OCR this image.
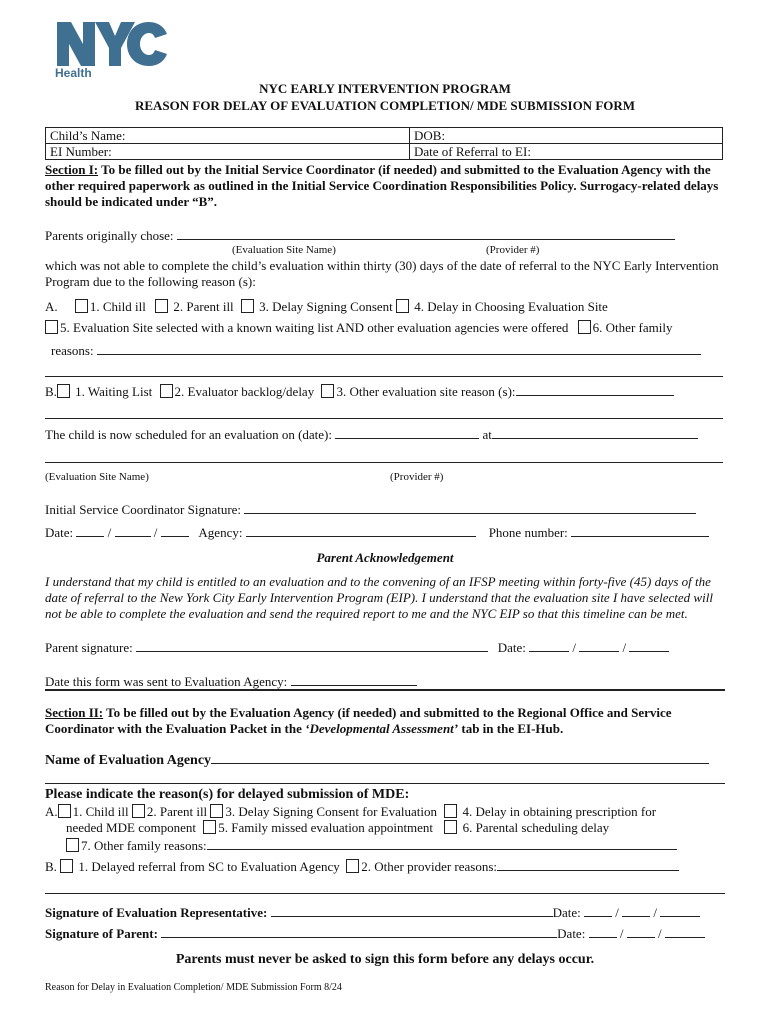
Health
NYC EARLY INTERVENTION PROGRAM
REASON FOR DELAY OF EVALUATION COMPLETION/ MDE SUBMISSION FORM
Child’s Name:	DOB:
EI Number:	Date of Referral to EI:
Section I: To be filled out by the Initial Service Coordinator (if needed) and submitted to the Evaluation Agency with the other required paperwork as outlined in the Initial Service Coordination Responsibilities Policy. Surrogacy-related delays should be indicated under “B”.
Parents originally chose:
(Evaluation Site Name)	(Provider #)
which was not able to complete the child’s evaluation within thirty (30) days of the date of referral to the NYC Early Intervention Program due to the following reason (s):
A. 1. Child ill 2. Parent ill 3. Delay Signing Consent 4. Delay in Choosing Evaluation Site
5. Evaluation Site selected with a known waiting list AND other evaluation agencies were offered 6. Other family
reasons:
B. 1. Waiting List 2. Evaluator backlog/delay 3. Other evaluation site reason (s):
The child is now scheduled for an evaluation on (date):	at
(Evaluation Site Name)	(Provider #)
Initial Service Coordinator Signature:
Date:  /	/	Agency:	Phone number:
Parent Acknowledgement
I understand that my child is entitled to an evaluation and to the convening of an IFSP meeting within forty-five (45) days of the date of referral to the New York City Early Intervention Program (EIP). I understand that the evaluation site I have selected will not be able to complete the evaluation and send the required report to me and the NYC EIP so that this timeline can be met.
Parent signature:	Date:	/	/
Date this form was sent to Evaluation Agency:
Section II: To be filled out by the Evaluation Agency (if needed) and submitted to the Regional Office and Service Coordinator with the Evaluation Packet in the ‘Developmental Assessment’ tab in the EI-Hub.
Name of Evaluation Agency
Please indicate the reason(s) for delayed submission of MDE:
A. 1. Child ill 2. Parent ill 3. Delay Signing Consent for Evaluation 4. Delay in obtaining prescription for
needed MDE component 5. Family missed evaluation appointment 6. Parental scheduling delay
7. Other family reasons:
B. 1. Delayed referral from SC to Evaluation Agency 2. Other provider reasons:
Signature of Evaluation Representative:	Date:  /	/
Signature of Parent:	Date:  /	/
Parents must never be asked to sign this form before any delays occur.
Reason for Delay in Evaluation Completion/ MDE Submission Form 8/24
